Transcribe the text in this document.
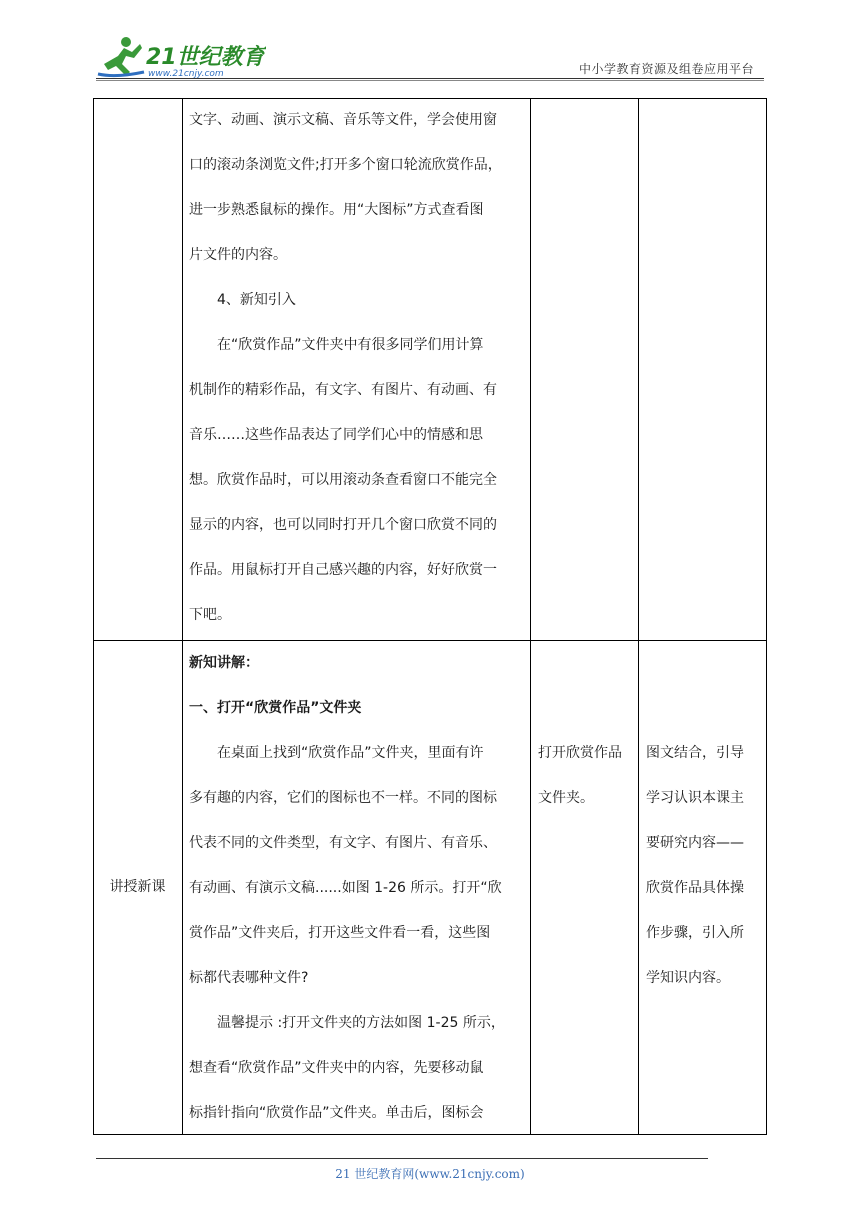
21世纪教育
www.21cnjy.com	中小学教育资源及组卷应用平台
文字、动画、演示文稿、音乐等文件，学会使用窗
口的滚动条浏览文件;打开多个窗口轮流欣赏作品，
进一步熟悉鼠标的操作。用“大图标”方式查看图
片文件的内容。
4、新知引入
在“欣赏作品”文件夹中有很多同学们用计算
机制作的精彩作品，有文字、有图片、有动画、有
音乐……这些作品表达了同学们心中的情感和思
想。欣赏作品时，可以用滚动条查看窗口不能完全
显示的内容，也可以同时打开几个窗口欣赏不同的
作品。用鼠标打开自己感兴趣的内容，好好欣赏一
下吧。
讲授新课
新知讲解：
一、打开“欣赏作品”文件夹
在桌面上找到“欣赏作品”文件夹，里面有许
多有趣的内容，它们的图标也不一样。不同的图标
代表不同的文件类型，有文字、有图片、有音乐、
有动画、有演示文稿......如图 1-26 所示。打开“欣
赏作品”文件夹后，打开这些文件看一看，这些图
标都代表哪种文件?
温馨提示 :打开文件夹的方法如图 1-25 所示，
想查看“欣赏作品”文件夹中的内容，先要移动鼠
标指针指向“欣赏作品”文件夹。单击后，图标会
打开欣赏作品
文件夹。
图文结合，引导
学习认识本课主
要研究内容——
欣赏作品具体操
作步骤，引入所
学知识内容。
21 世纪教育网(www.21cnjy.com)
